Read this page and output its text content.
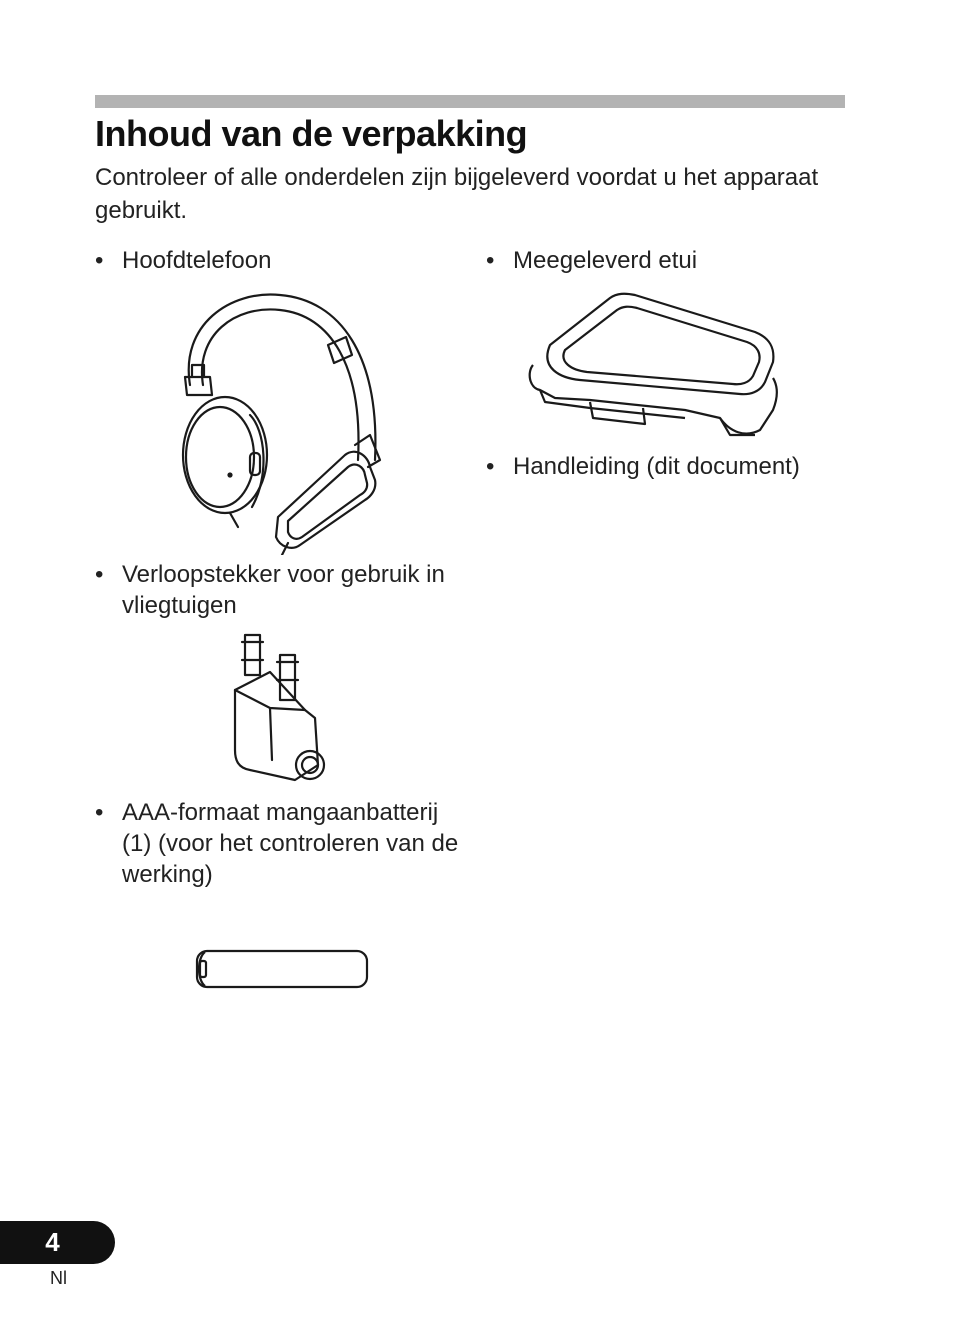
Inhoud van de verpakking

Controleer of alle onderdelen zijn bijgeleverd voordat u het apparaat gebruikt.

• Hoofdtelefoon
• Verloopstekker voor gebruik in vliegtuigen
• AAA-formaat mangaanbatterij (1) (voor het controleren van de werking)
• Meegeleverd etui
• Handleiding (dit document)
4
Nl
